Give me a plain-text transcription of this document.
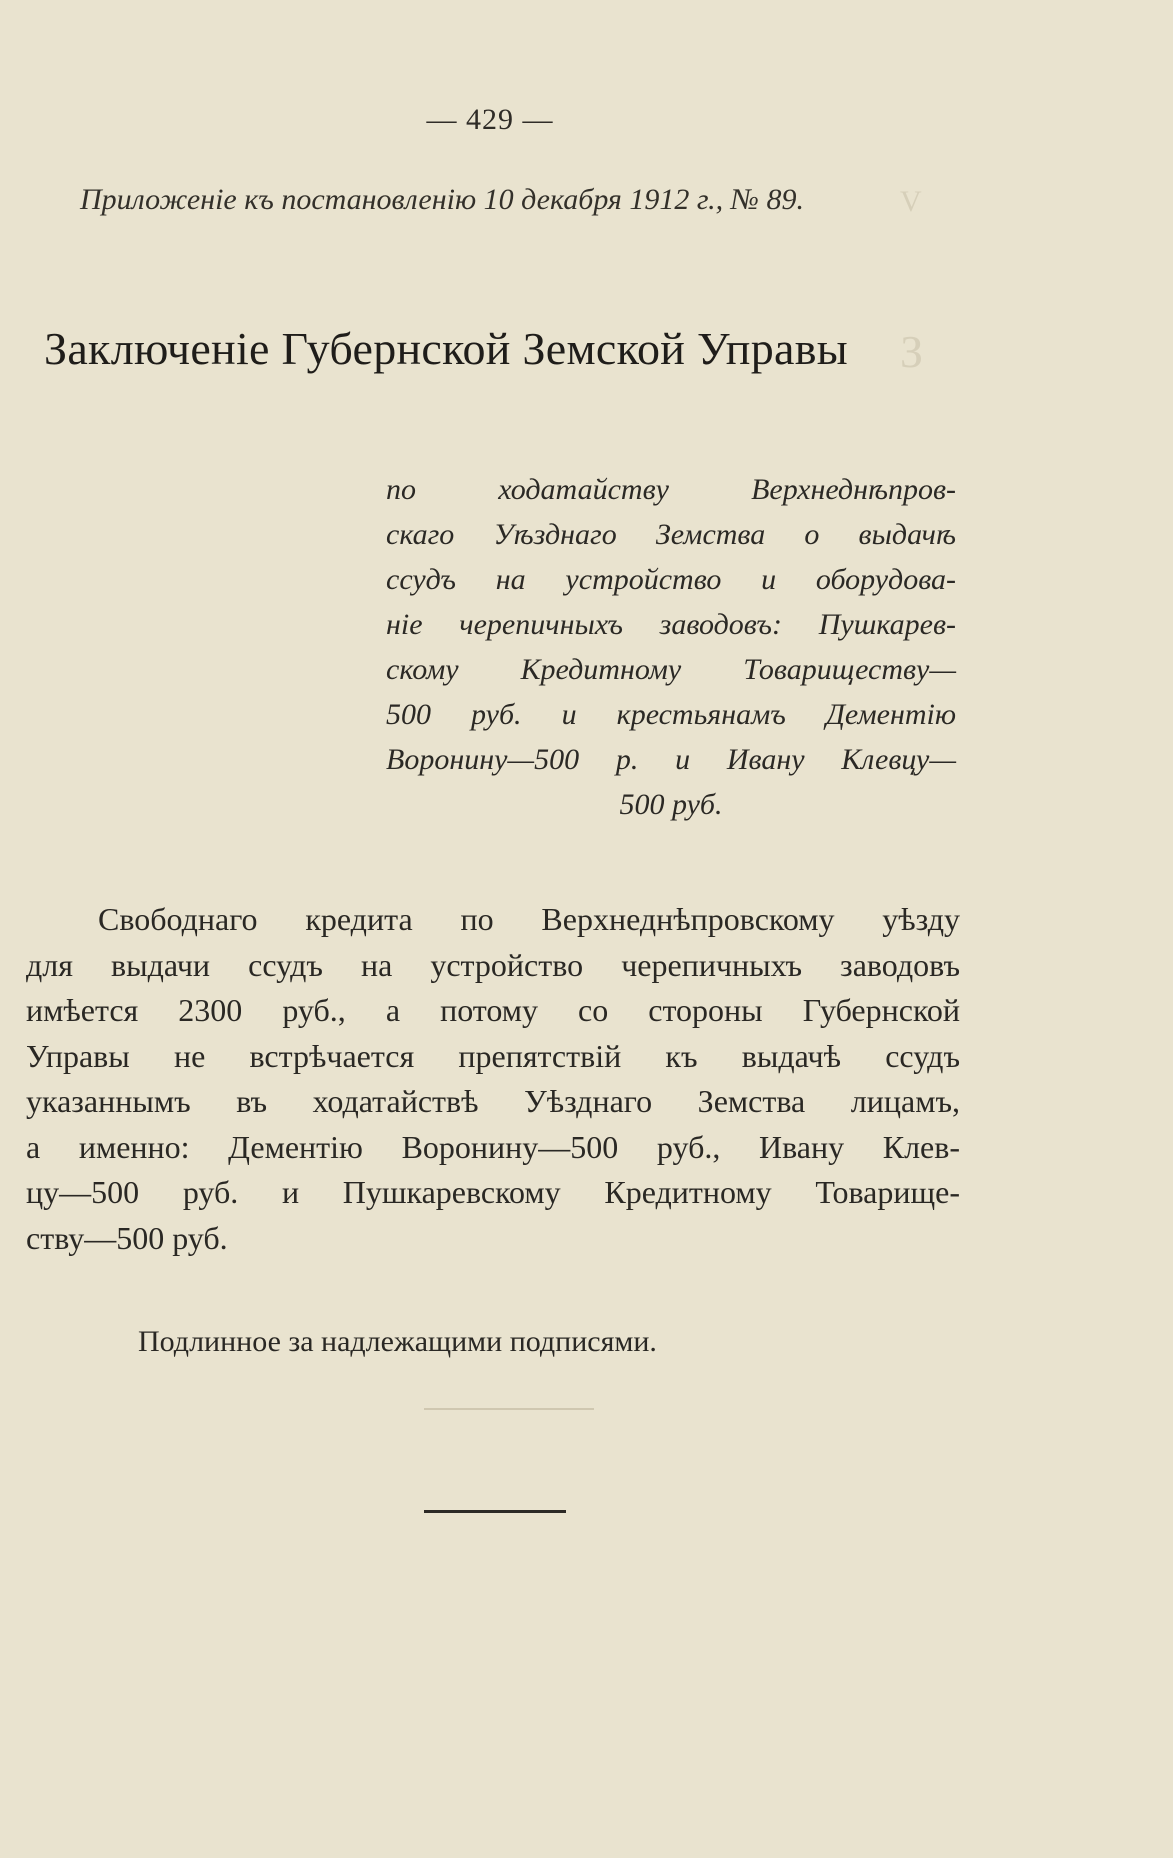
З
V
— 429 —
Приложеніе къ постановленію 10 декабря 1912 г., № 89.
Заключеніе Губернской Земской Управы
по ходатайству Верхнеднѣпров-
скаго Уѣзднаго Земства о выдачѣ
ссудъ на устройство и оборудова-
ніе черепичныхъ заводовъ: Пушкарев-
скому Кредитному Товариществу—
500 руб. и крестьянамъ Дементію
Воронину—500 р. и Ивану Клевцу—
500 руб.
Свободнаго кредита по Верхнеднѣпровскому уѣзду
для выдачи ссудъ на устройство черепичныхъ заводовъ
имѣется 2300 руб., а потому со стороны Губернской
Управы не встрѣчается препятствій къ выдачѣ ссудъ
указаннымъ въ ходатайствѣ Уѣзднаго Земства лицамъ,
а именно: Дементію Воронину—500 руб., Ивану Клев-
цу—500 руб. и Пушкаревскому Кредитному Товарище-
ству—500 руб.
Подлинное за надлежащими подписями.
